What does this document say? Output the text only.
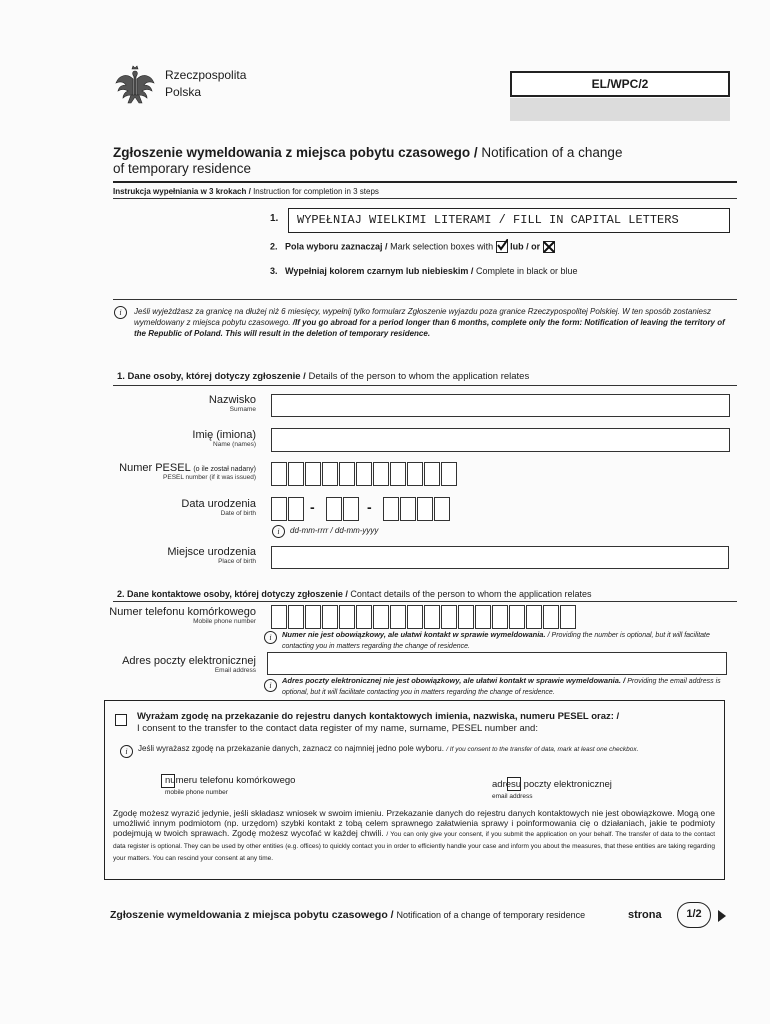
Rzeczpospolita
Polska
EL/WPC/2
Zgłoszenie wymeldowania z miejsca pobytu czasowego / Notification of a change
of temporary residence
Instrukcja wypełniania w 3 krokach / Instruction for completion in 3 steps
1.	WYPEŁNIAJ WIELKIMI LITERAMI / FILL IN CAPITAL LETTERS
2. Pola wyboru zaznaczaj / Mark selection boxes with lub / or
3. Wypełniaj kolorem czarnym lub niebieskim / Complete in black or blue
i	Jeśli wyjeżdżasz za granicę na dłużej niż 6 miesięcy, wypełnij tylko formularz Zgłoszenie wyjazdu poza granice Rzeczypospolitej Polskiej. W ten sposób zostaniesz wymeldowany z miejsca pobytu czasowego. /If you go abroad for a period longer than 6 months, complete only the form: Notification of leaving the territory of the Republic of Poland. This will result in the deletion of temporary residence.
1. Dane osoby, której dotyczy zgłoszenie / Details of the person to whom the application relates
Nazwisko
Surname
Imię (imiona)
Name (names)
Numer PESEL (o ile został nadany)
PESEL number (if it was issued)
Data urodzenia
Date of birth	-	-
i	dd-mm-rrrr / dd-mm-yyyy
Miejsce urodzenia
Place of birth
2. Dane kontaktowe osoby, której dotyczy zgłoszenie / Contact details of the person to whom the application relates
Numer telefonu komórkowego
Mobile phone number
i	Numer nie jest obowiązkowy, ale ułatwi kontakt w sprawie wymeldowania. / Providing the number is optional, but it will facilitate contacting you in matters regarding the change of residence.
Adres poczty elektronicznej
Email address
i
Adres poczty elektronicznej nie jest obowiązkowy, ale ułatwi kontakt w sprawie wymeldowania. / Providing the email address is optional, but it will facilitate contacting you in matters regarding the change of residence.

Wyrażam zgodę na przekazanie do rejestru danych kontaktowych imienia, nazwiska, numeru PESEL oraz: /
I consent to the transfer to the contact data register of my name, surname, PESEL number and:
i	Jeśli wyrażasz zgodę na przekazanie danych, zaznacz co najmniej jedno pole wyboru. / If you consent to the transfer of data, mark at least one checkbox.

numeru telefonu komórkowego
mobile phone number
adresu poczty elektronicznej
email address
Zgodę możesz wyrazić jedynie, jeśli składasz wniosek w swoim imieniu. Przekazanie danych do rejestru danych kontaktowych nie jest obowiązkowe. Mogą one umożliwić innym podmiotom (np. urzędom) szybki kontakt z tobą celem sprawnego załatwienia sprawy i poinformowania cię o działaniach, jakie te podmioty podejmują w twoich sprawach. Zgodę możesz wycofać w każdej chwili. / You can only give your consent, if you submit the application on your behalf. The transfer of data to the contact data register is optional. They can be used by other entities (e.g. offices) to quickly contact you in order to efficiently handle your case and inform you about the measures, that these entities are taking regarding your matters. You can rescind your consent at any time.
Zgłoszenie wymeldowania z miejsca pobytu czasowego / Notification of a change of temporary residence	strona	1/2
